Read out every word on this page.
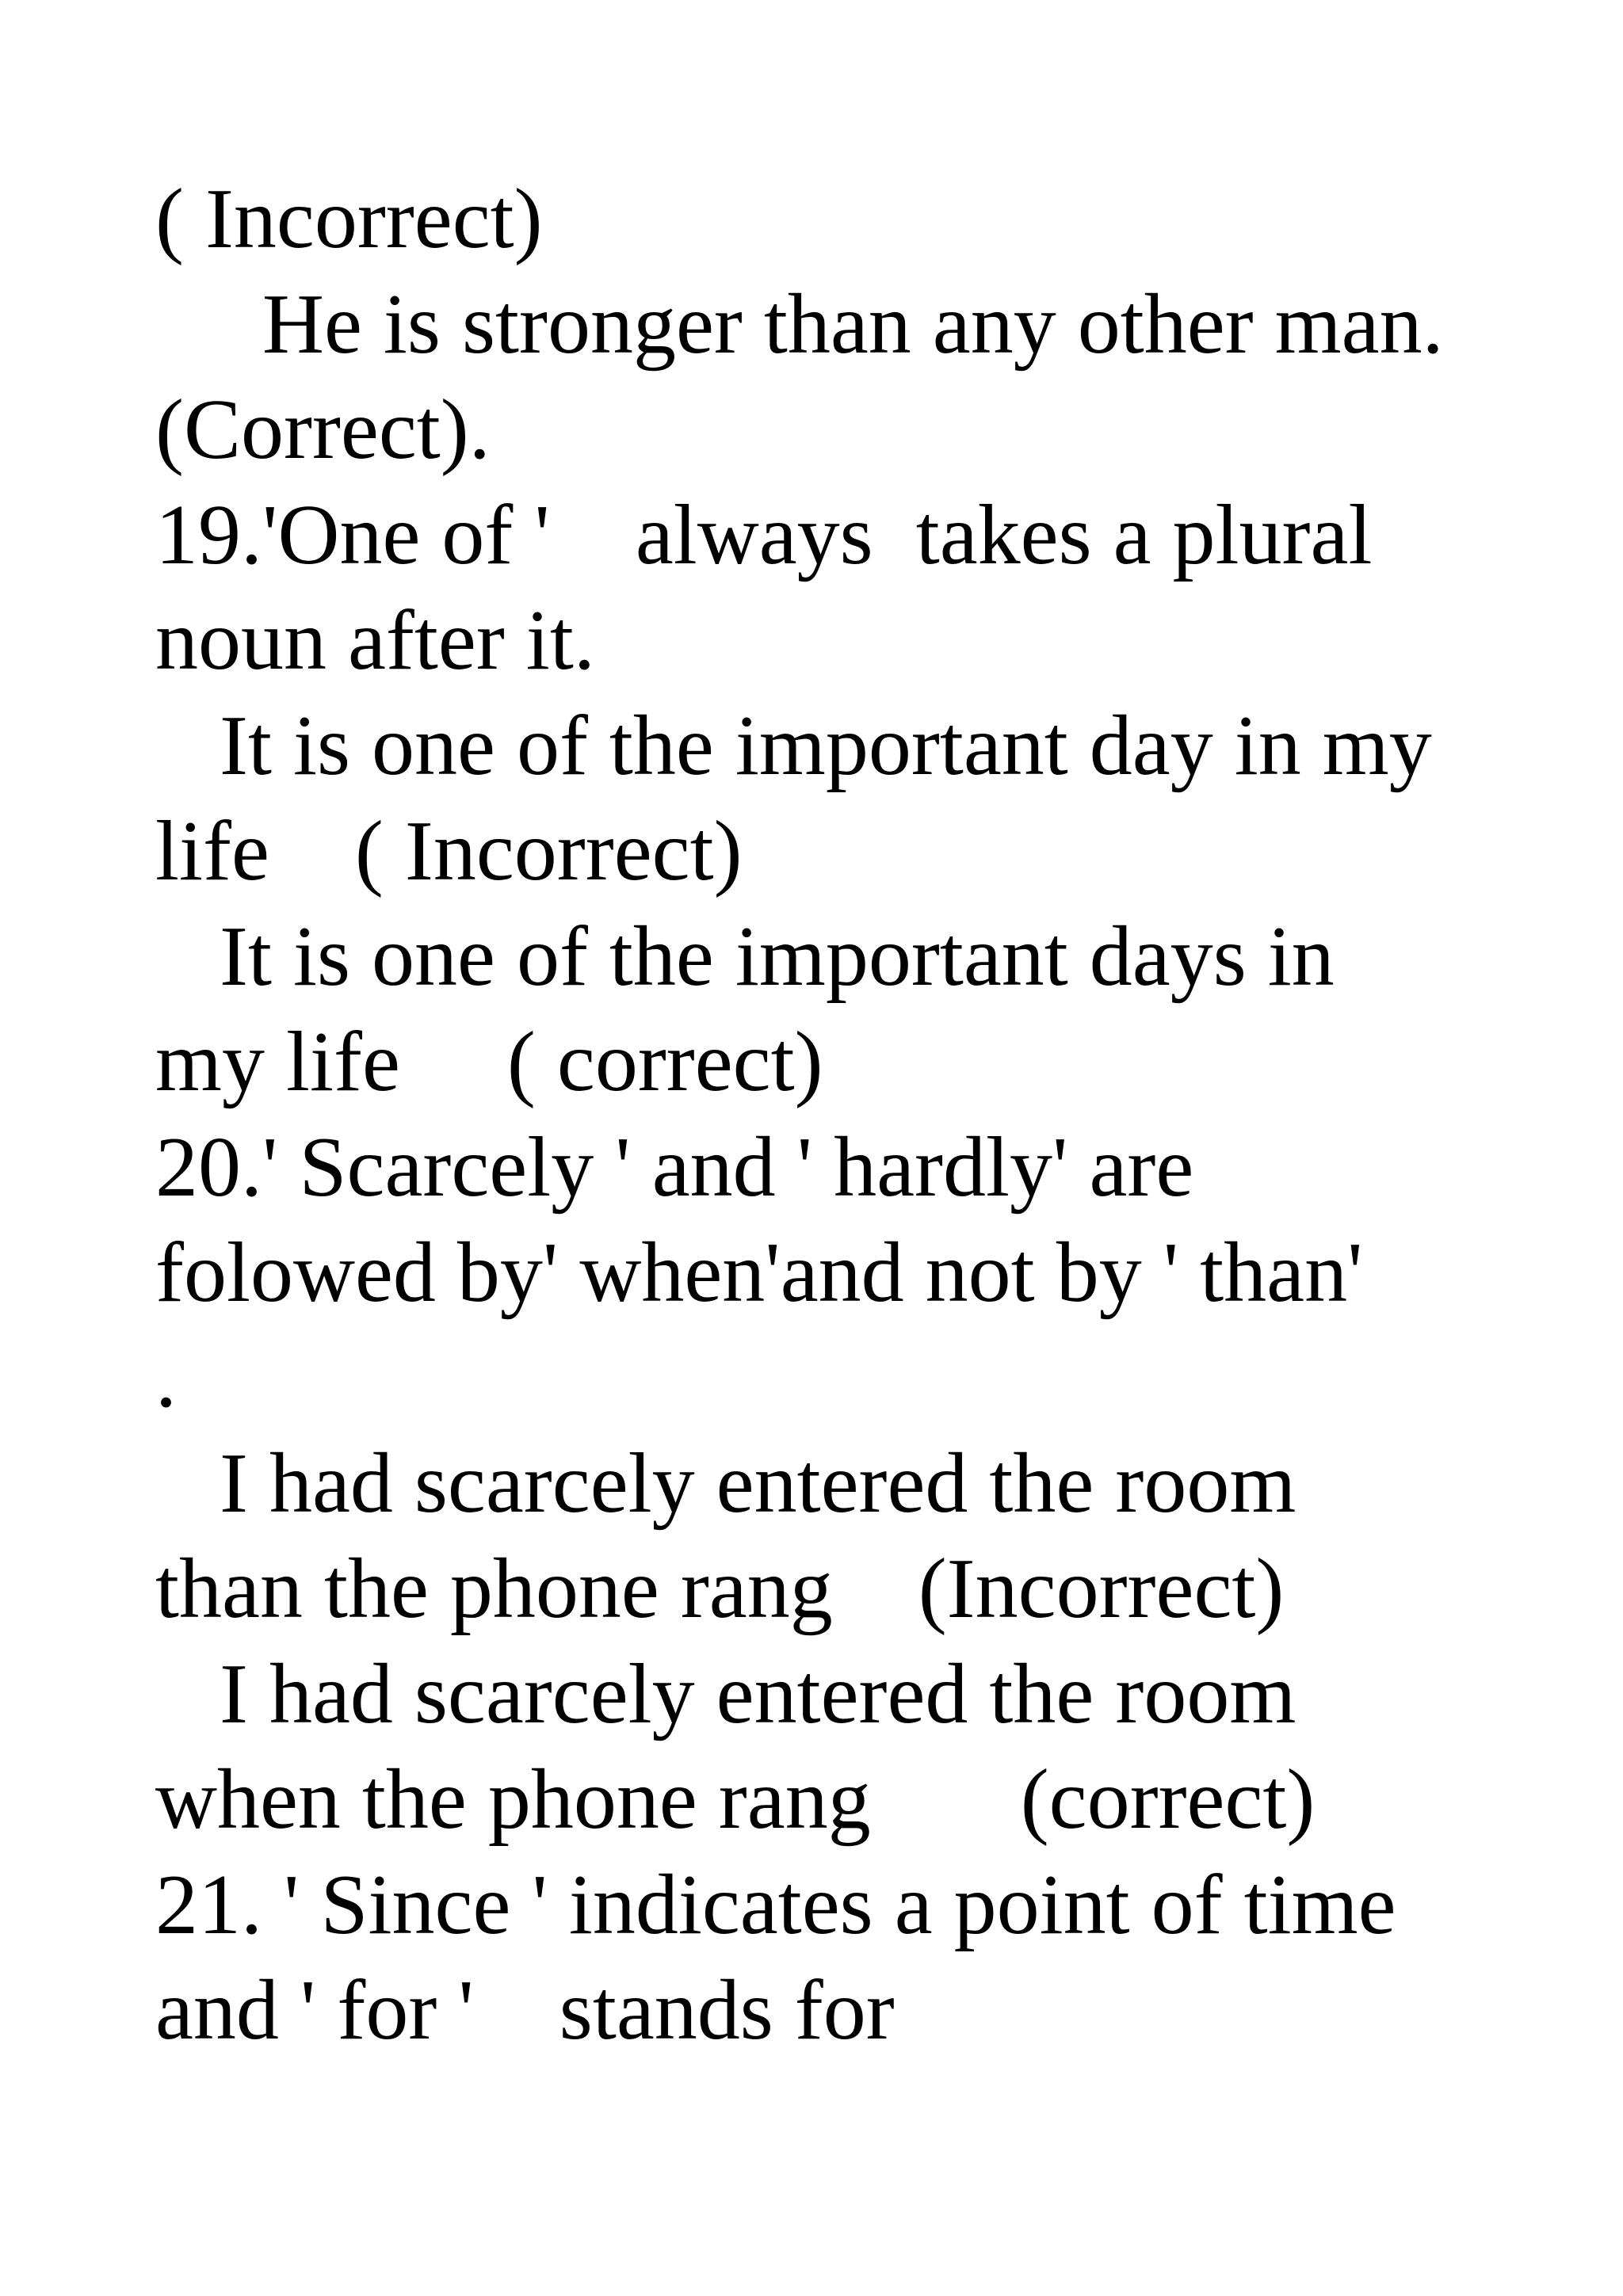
( Incorrect)
He is stronger than any other man.
(Correct).
19.'One of '    always  takes a plural
noun after it.
It is one of the important day in my
life    ( Incorrect)
It is one of the important days in
my life     ( correct)
20.' Scarcely ' and ' hardly' are
folowed by' when'and not by ' than'
.
I had scarcely entered the room
than the phone rang    (Incorrect)
I had scarcely entered the room
when the phone rang       (correct)
21. ' Since ' indicates a point of time
and ' for '    stands for
